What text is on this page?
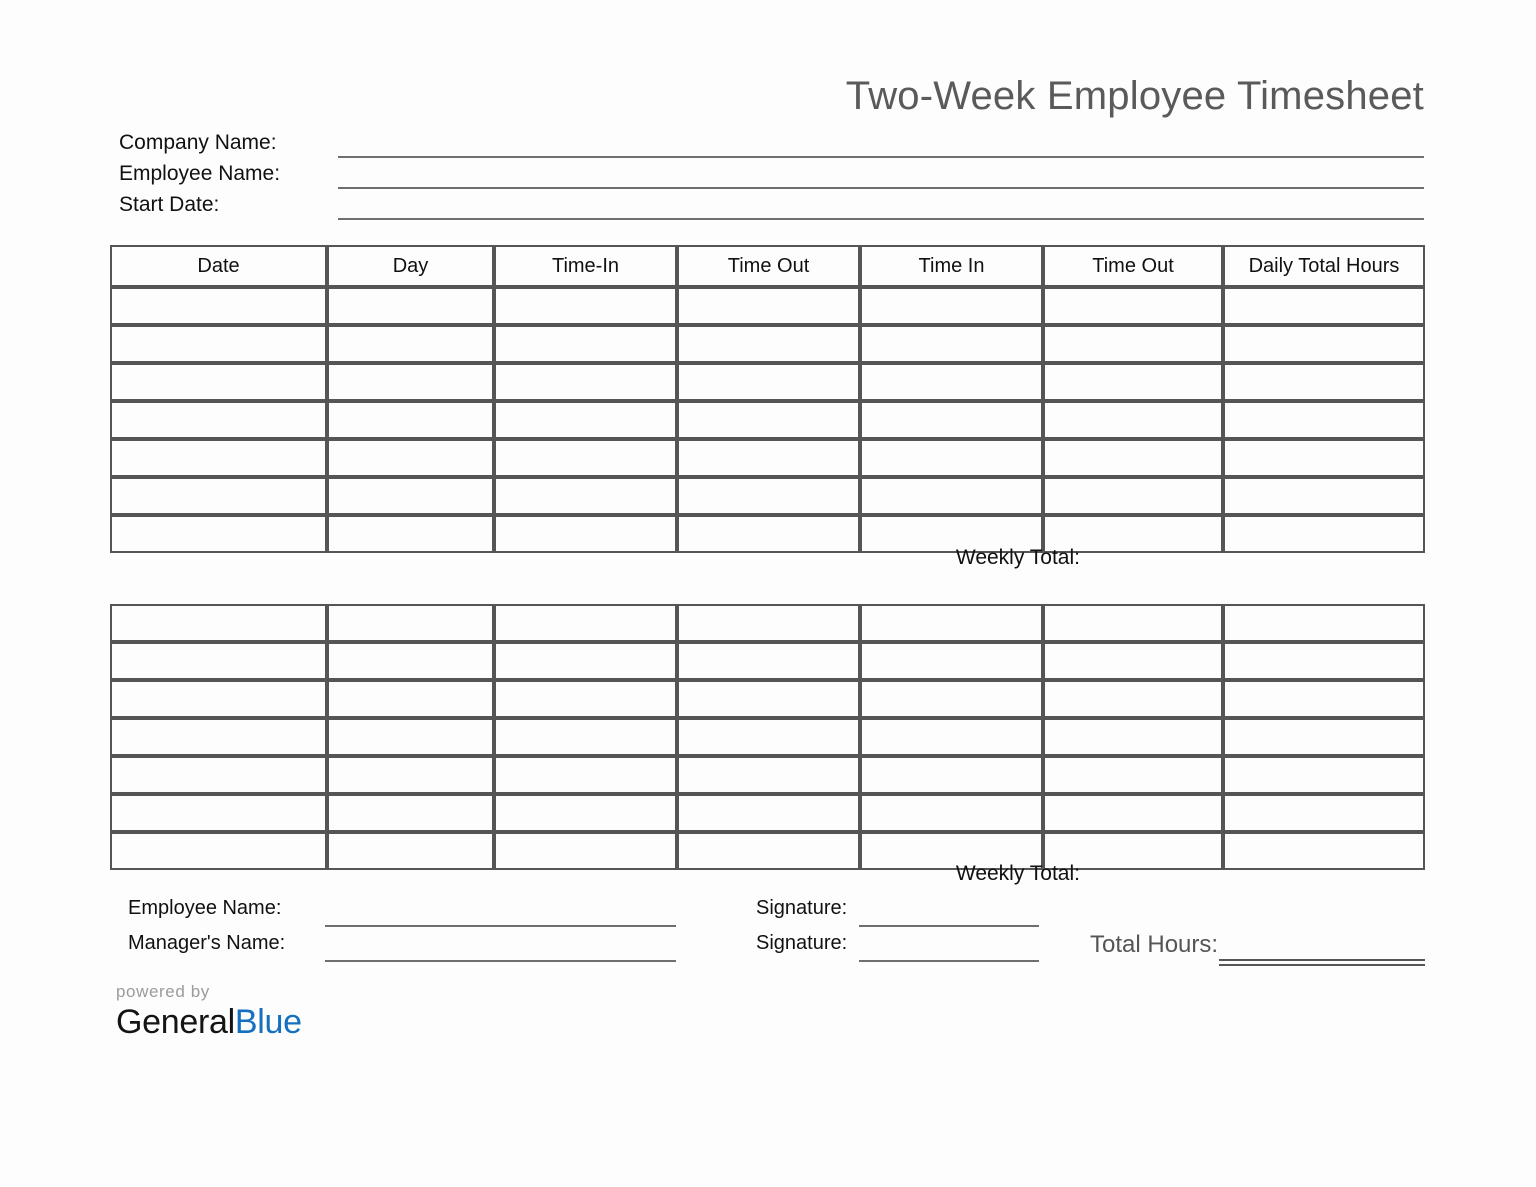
Two-Week Employee Timesheet
Company Name:
Employee Name:
Start Date:
Date	Day	Time-In	Time Out	Time In	Time Out	Daily Total Hours

Weekly Total:

Weekly Total:
Employee Name:
Manager's Name:
Signature:
Signature:	Total Hours:
powered by
GeneralBlue
